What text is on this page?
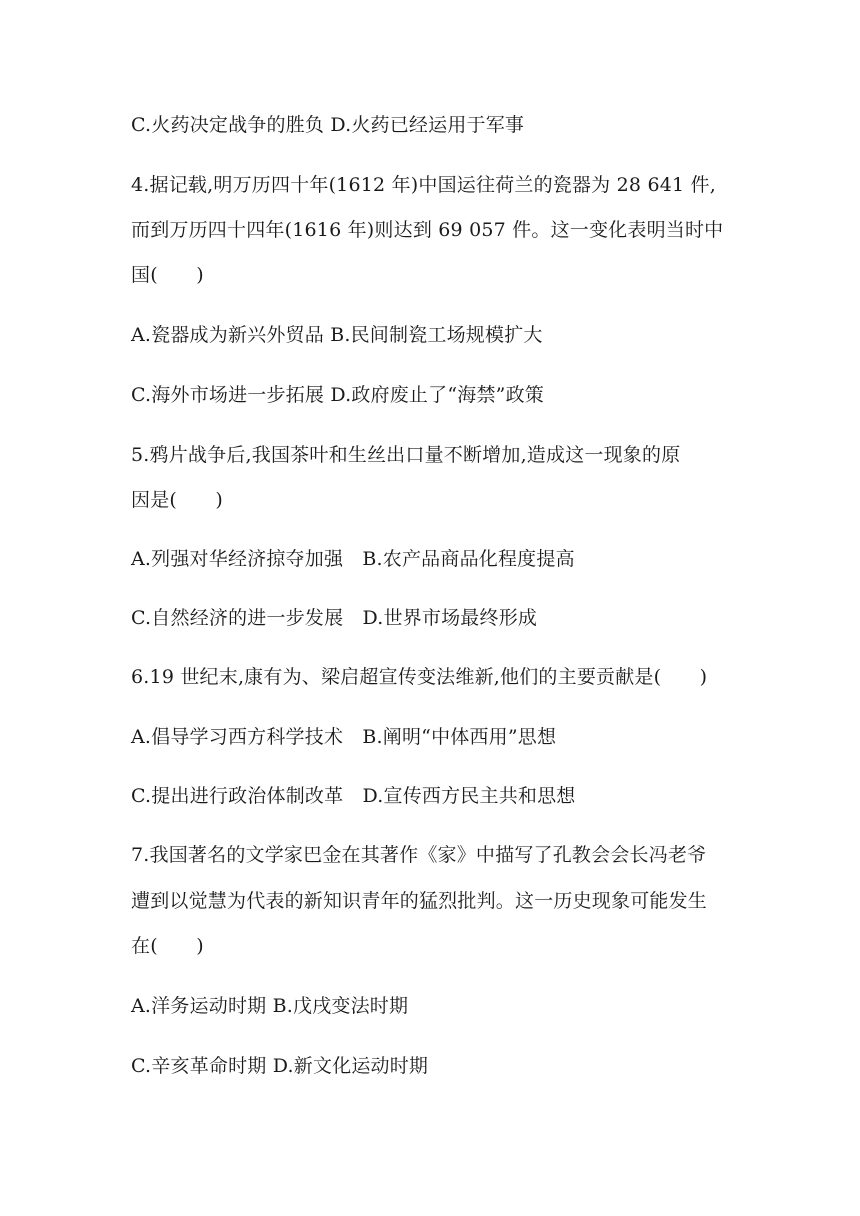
C.火药决定战争的胜负 D.火药已经运用于军事
4.据记载,明万历四十年(1612 年)中国运往荷兰的瓷器为 28 641 件,
而到万历四十四年(1616 年)则达到 69 057 件。这一变化表明当时中
国(　　)
A.瓷器成为新兴外贸品 B.民间制瓷工场规模扩大
C.海外市场进一步拓展 D.政府废止了“海禁”政策
5.鸦片战争后,我国茶叶和生丝出口量不断增加,造成这一现象的原
因是(　　)
A.列强对华经济掠夺加强　B.农产品商品化程度提高
C.自然经济的进一步发展　D.世界市场最终形成
6.19 世纪末,康有为、梁启超宣传变法维新,他们的主要贡献是(　　)
A.倡导学习西方科学技术　B.阐明“中体西用”思想
C.提出进行政治体制改革　D.宣传西方民主共和思想
7.我国著名的文学家巴金在其著作《家》中描写了孔教会会长冯老爷
遭到以觉慧为代表的新知识青年的猛烈批判。这一历史现象可能发生
在(　　)
A.洋务运动时期 B.戊戌变法时期
C.辛亥革命时期 D.新文化运动时期
